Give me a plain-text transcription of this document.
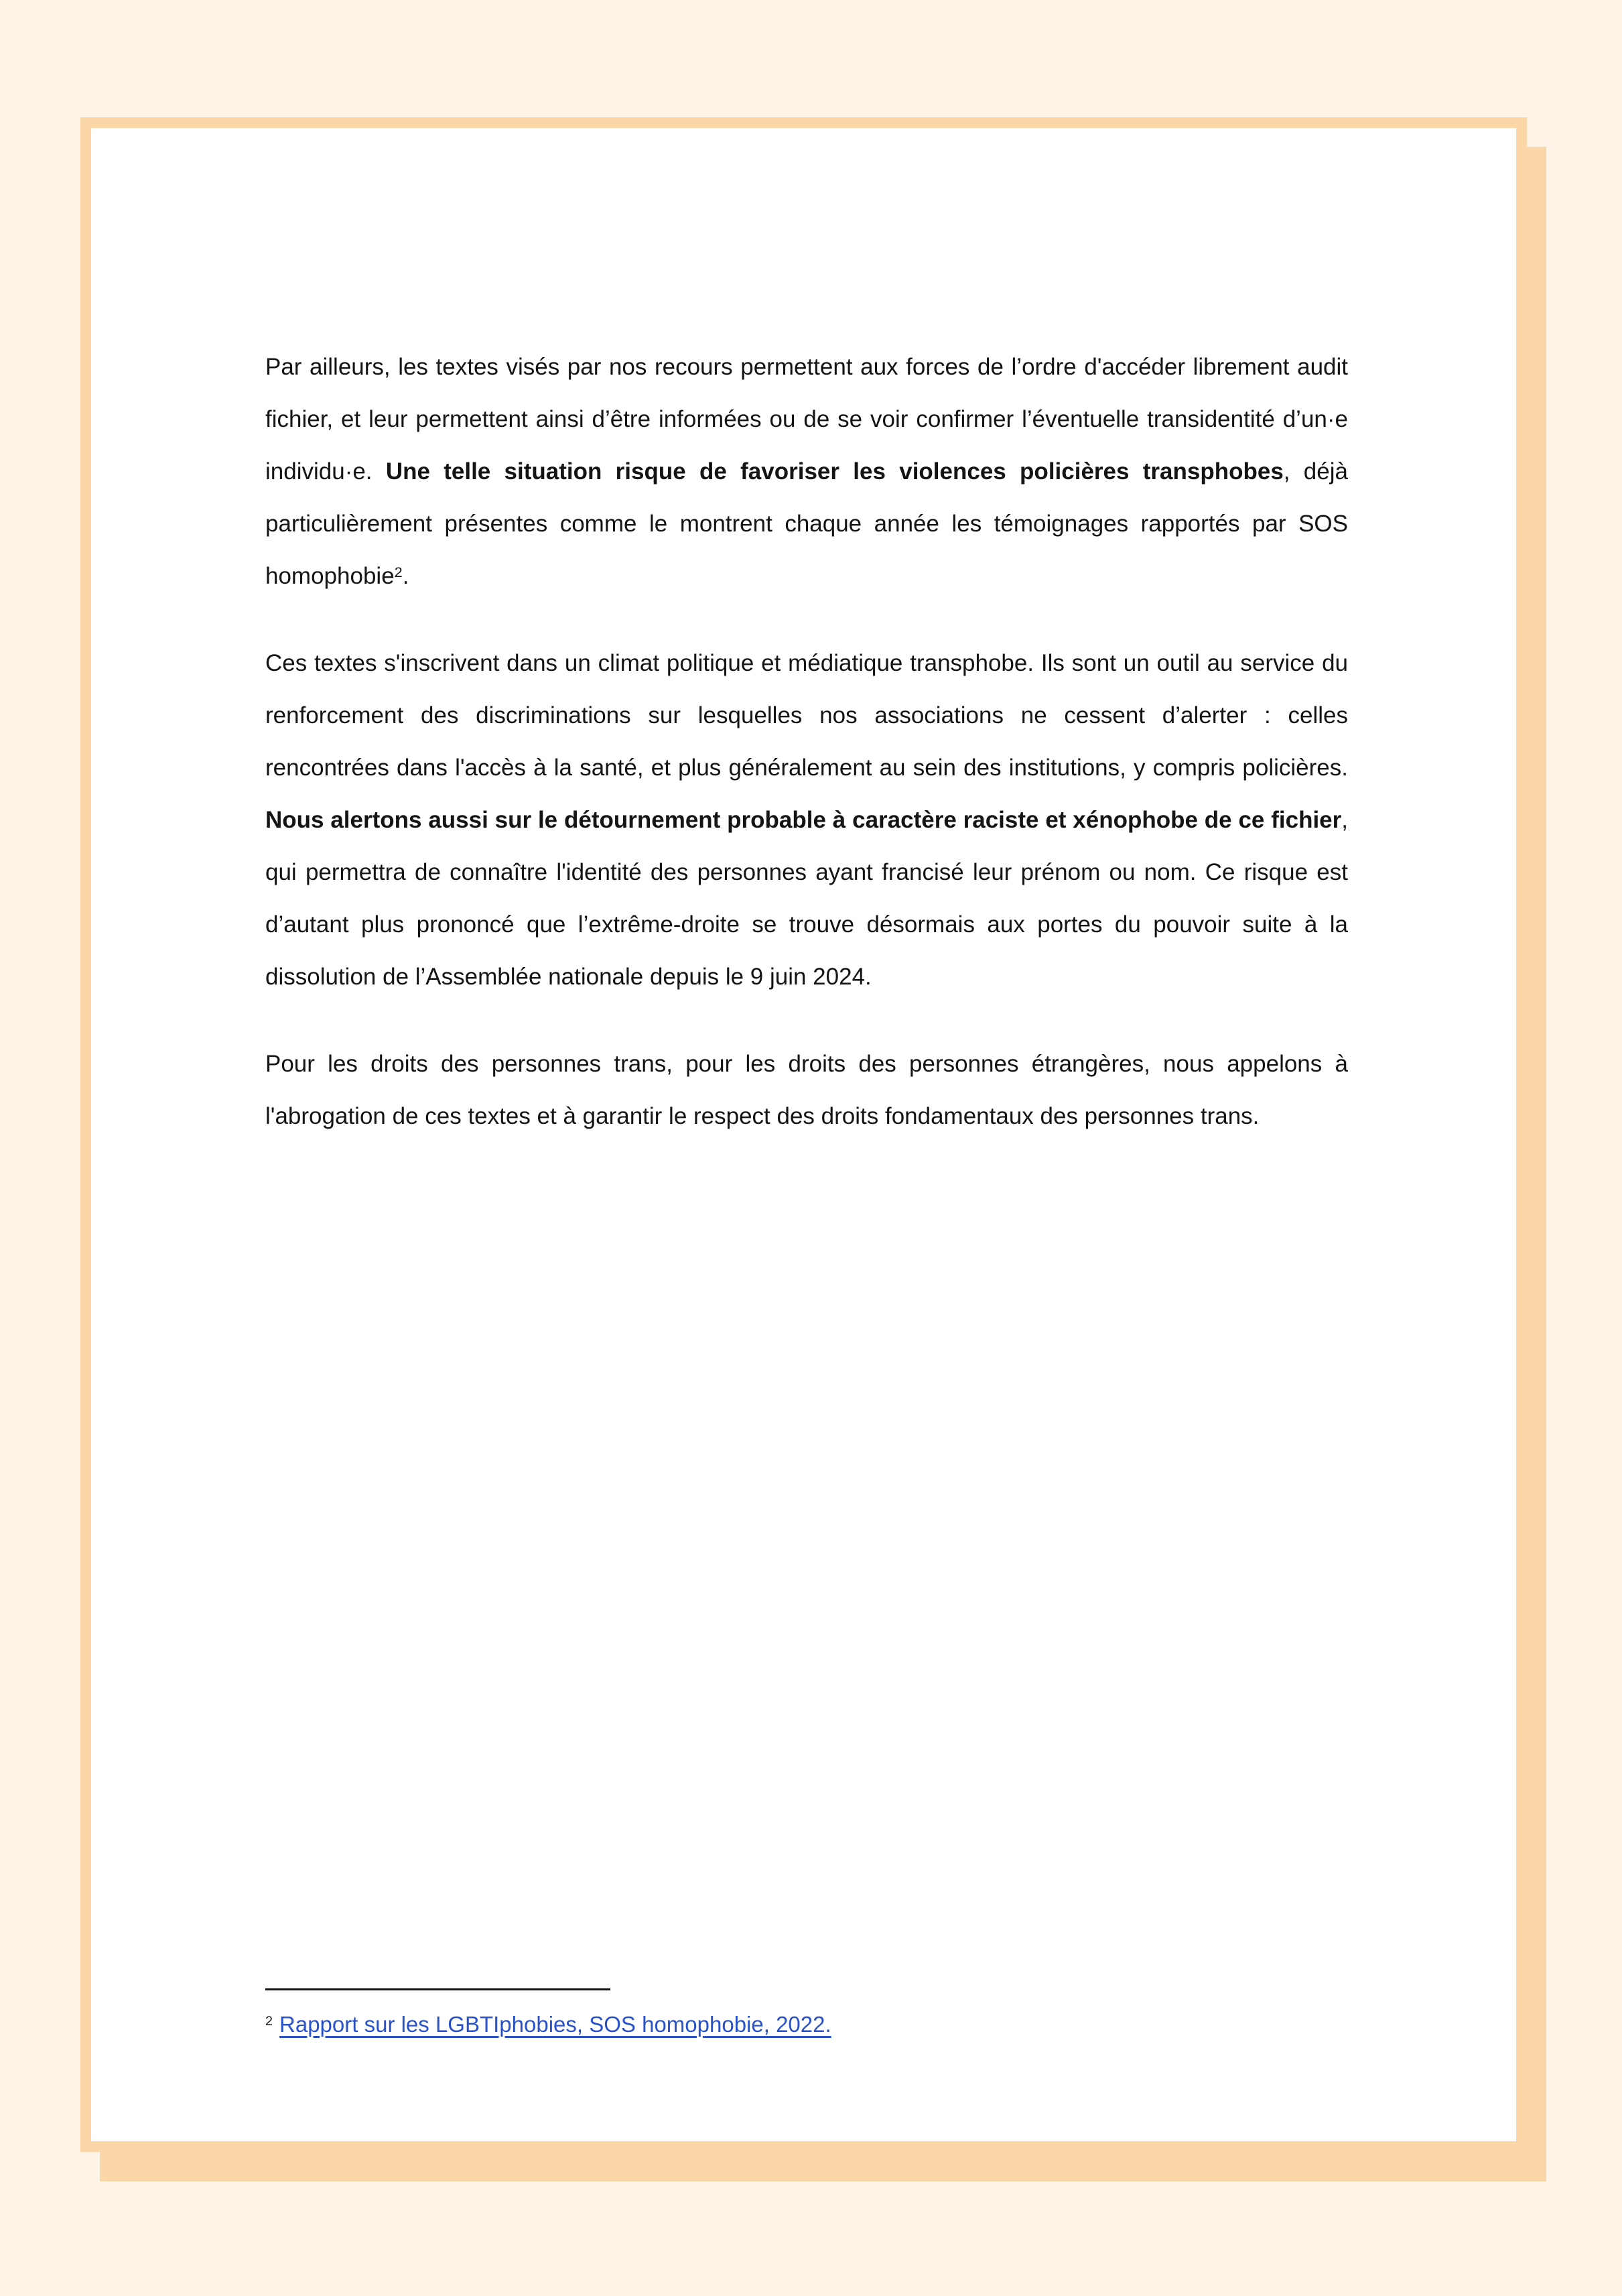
Par ailleurs, les textes visés par nos recours permettent aux forces de l’ordre d'accéder librement audit fichier, et leur permettent ainsi d’être informées ou de se voir confirmer l’éventuelle transidentité d’un·e individu·e. Une telle situation risque de favoriser les violences policières transphobes, déjà particulièrement présentes comme le montrent chaque année les témoignages rapportés par SOS homophobie$^2$.

Ces textes s'inscrivent dans un climat politique et médiatique transphobe. Ils sont un outil au service du renforcement des discriminations sur lesquelles nos associations ne cessent d’alerter : celles rencontrées dans l'accès à la santé, et plus généralement au sein des institutions, y compris policières. Nous alertons aussi sur le détournement probable à caractère raciste et xénophobe de ce fichier, qui permettra de connaître l'identité des personnes ayant francisé leur prénom ou nom. Ce risque est d’autant plus prononcé que l’extrême-droite se trouve désormais aux portes du pouvoir suite à la dissolution de l’Assemblée nationale depuis le 9 juin 2024.

Pour les droits des personnes trans, pour les droits des personnes étrangères, nous appelons à l'abrogation de ces textes et à garantir le respect des droits fondamentaux des personnes trans.

$^2$ Rapport sur les LGBTIphobies, SOS homophobie, 2022.
